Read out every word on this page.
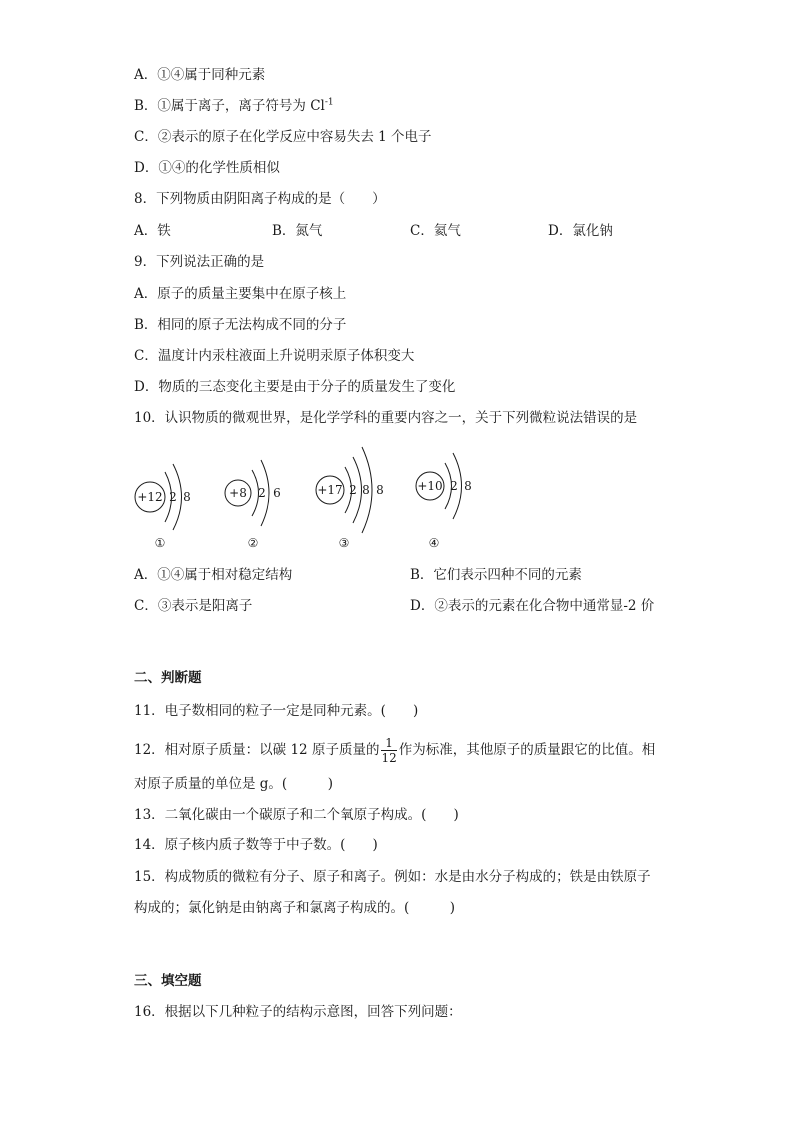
A．①④属于同种元素
B．①属于离子，离子符号为 $Cl^{-1}$
C．②表示的原子在化学反应中容易失去 1 个电子
D．①④的化学性质相似
8．下列物质由阴阳离子构成的是（　　）
A．铁	B．氮气	C．氦气	D．氯化钠
9．下列说法正确的是
A．原子的质量主要集中在原子核上
B．相同的原子无法构成不同的分子
C．温度计内汞柱液面上升说明汞原子体积变大
D．物质的三态变化主要是由于分子的质量发生了变化
10．认识物质的微观世界，是化学学科的重要内容之一，关于下列微粒说法错误的是
+12 2 8
①
+8 2 6
②
+17 2 8 8
③
+10 2 8
④
A．①④属于相对稳定结构	B．它们表示四种不同的元素
C．③表示是阳离子	D．②表示的元素在化合物中通常显-2 价
二、判断题
11．电子数相同的粒子一定是同种元素。(　　)
12．相对原子质量：以碳 12 原子质量的 $\frac{1}{12}$ 作为标准，其他原子的质量跟它的比值。相
对原子质量的单位是 g。(　　　)
13．二氧化碳由一个碳原子和二个氧原子构成。(　　)
14．原子核内质子数等于中子数。(　　)
15．构成物质的微粒有分子、原子和离子。例如：水是由水分子构成的；铁是由铁原子
构成的；氯化钠是由钠离子和氯离子构成的。(　　　)
三、填空题
16．根据以下几种粒子的结构示意图，回答下列问题：
